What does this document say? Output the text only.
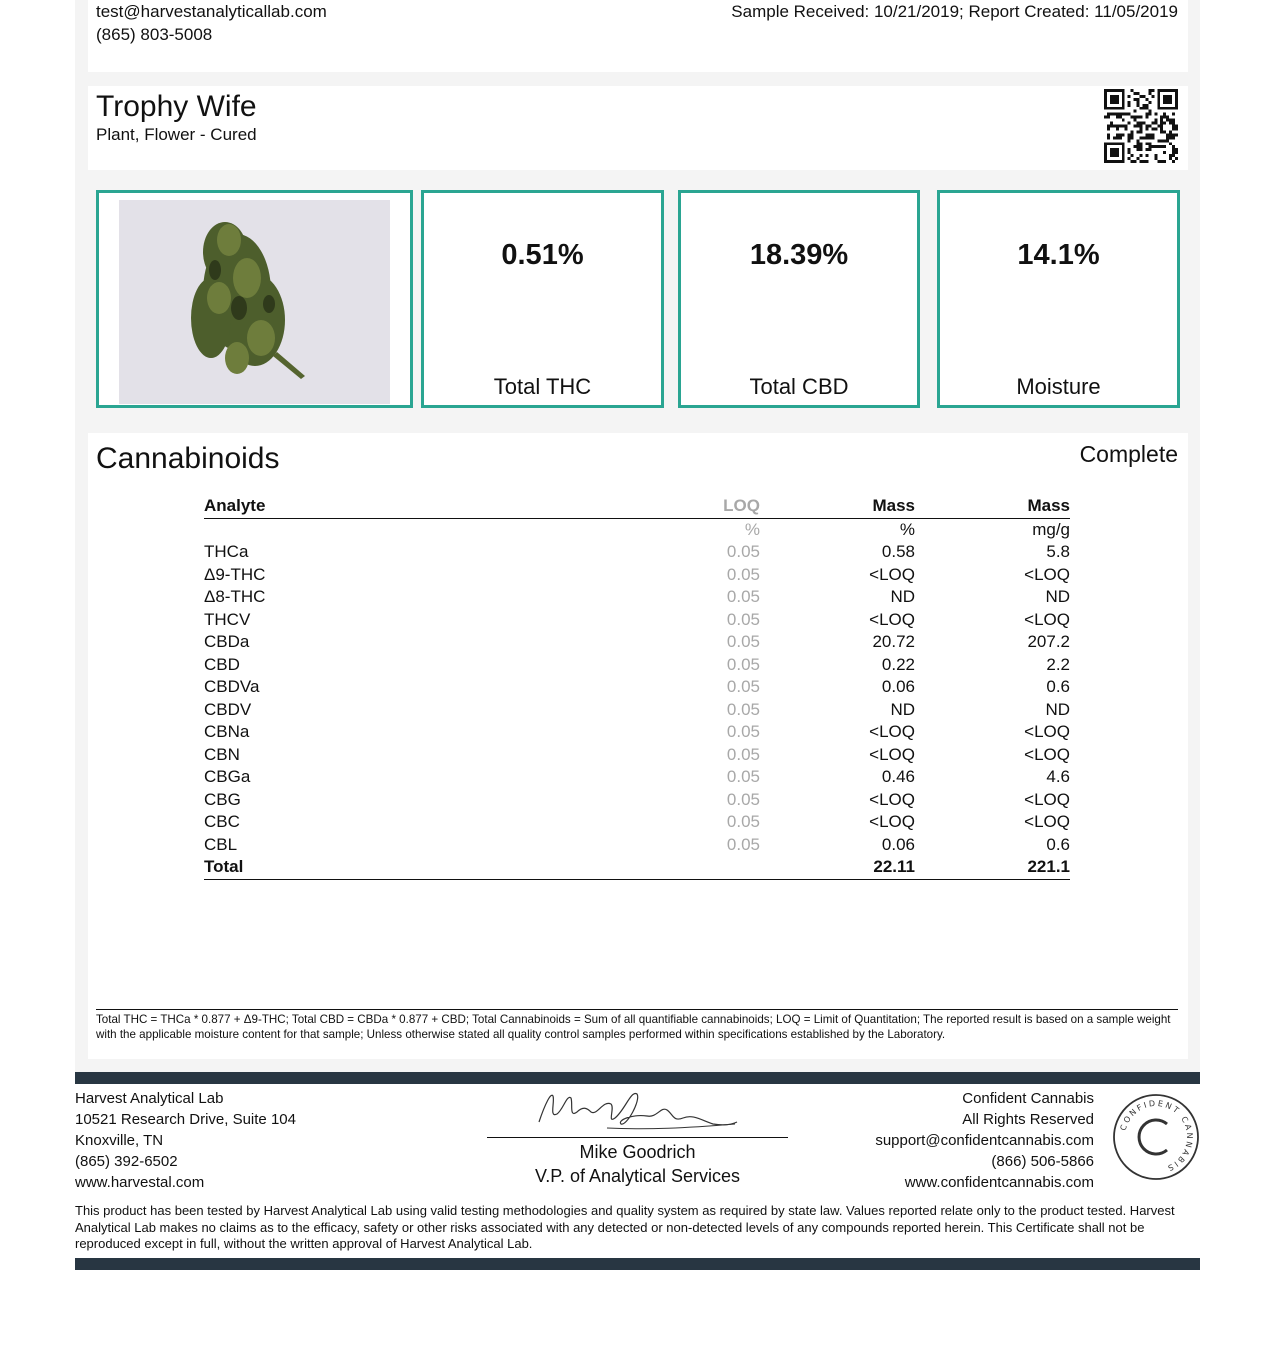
test@harvestanalyticallab.com
(865) 803-5008
Sample Received: 10/21/2019; Report Created: 11/05/2019
Trophy Wife
Plant, Flower - Cured
0.51%
Total THC
18.39%
Total CBD
14.1%
Moisture
Cannabinoids	Complete
Analyte	LOQ	Mass	Mass
	%	%	mg/g
THCa	0.05	0.58	5.8
Δ9-THC	0.05	<LOQ	<LOQ
Δ8-THC	0.05	ND	ND
THCV	0.05	<LOQ	<LOQ
CBDa	0.05	20.72	207.2
CBD	0.05	0.22	2.2
CBDVa	0.05	0.06	0.6
CBDV	0.05	ND	ND
CBNa	0.05	<LOQ	<LOQ
CBN	0.05	<LOQ	<LOQ
CBGa	0.05	0.46	4.6
CBG	0.05	<LOQ	<LOQ
CBC	0.05	<LOQ	<LOQ
CBL	0.05	0.06	0.6
Total		22.11	221.1
Total THC = THCa * 0.877 + Δ9-THC; Total CBD = CBDa * 0.877 + CBD; Total Cannabinoids = Sum of all quantifiable cannabinoids; LOQ = Limit of Quantitation; The reported result is based on a sample weight with the applicable moisture content for that sample; Unless otherwise stated all quality control samples performed within specifications established by the Laboratory.
Harvest Analytical Lab
10521 Research Drive, Suite 104
Knoxville, TN
(865) 392-6502
www.harvestal.com
Mike Goodrich
V.P. of Analytical Services
Confident Cannabis
All Rights Reserved
support@confidentcannabis.com
(866) 506-5866
www.confidentcannabis.com
CONFIDENT CANNABIS
This product has been tested by Harvest Analytical Lab using valid testing methodologies and quality system as required by state law. Values reported relate only to the product tested. Harvest Analytical Lab makes no claims as to the efficacy, safety or other risks associated with any detected or non-detected levels of any compounds reported herein. This Certificate shall not be reproduced except in full, without the written approval of Harvest Analytical Lab.
